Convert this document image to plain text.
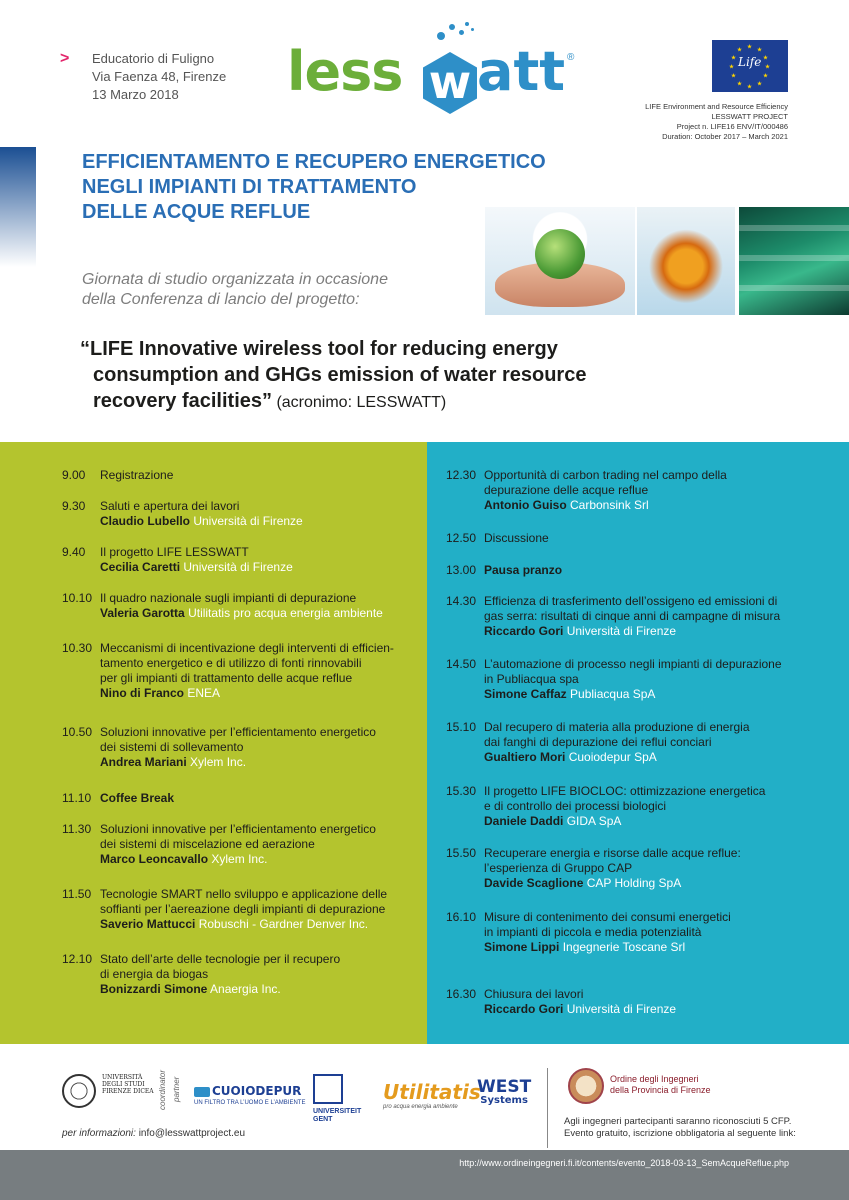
> Educatorio di Fuligno
Via Faenza 48, Firenze
13 Marzo 2018	less w att ®	Life
LIFE Environment and Resource Efficiency
LESSWATT PROJECT
Project n. LIFE16 ENV/IT/000486
Duration: October 2017 – March 2021
EFFICIENTAMENTO E RECUPERO ENERGETICO
NEGLI IMPIANTI DI TRATTAMENTO
DELLE ACQUE REFLUE
Giornata di studio organizzata in occasione
della Conferenza di lancio del progetto:
“LIFE Innovative wireless tool for reducing energy
consumption and GHGs emission of water resource
recovery facilities” (acronimo: LESSWATT)
9.00	Registrazione
9.30	Saluti e apertura dei lavori
Claudio Lubello Università di Firenze
9.40	Il progetto LIFE LESSWATT
Cecilia Caretti Università di Firenze
10.10 Il quadro nazionale sugli impianti di depurazione
Valeria Garotta Utilitatis pro acqua energia ambiente
10.30 Meccanismi di incentivazione degli interventi di efficien-
tamento energetico e di utilizzo di fonti rinnovabili
per gli impianti di trattamento delle acque reflue
Nino di Franco ENEA
10.50 Soluzioni innovative per l’efficientamento energetico
dei sistemi di sollevamento
Andrea Mariani Xylem Inc.
11.10 Coffee Break
11.30 Soluzioni innovative per l’efficientamento energetico
dei sistemi di miscelazione ed aerazione
Marco Leoncavallo Xylem Inc.
11.50 Tecnologie SMART nello sviluppo e applicazione delle
soffianti per l’aereazione degli impianti di depurazione
Saverio Mattucci Robuschi - Gardner Denver Inc.
12.10 Stato dell’arte delle tecnologie per il recupero
di energia da biogas
Bonizzardi Simone Anaergia Inc.
12.30 Opportunità di carbon trading nel campo della
depurazione delle acque reflue
Antonio Guiso Carbonsink Srl
12.50 Discussione
13.00 Pausa pranzo
14.30 Efficienza di trasferimento dell’ossigeno ed emissioni di
gas serra: risultati di cinque anni di campagne di misura
Riccardo Gori Università di Firenze
14.50 L’automazione di processo negli impianti di depurazione
in Publiacqua spa
Simone Caffaz Publiacqua SpA
15.10 Dal recupero di materia alla produzione di energia
dai fanghi di depurazione dei reflui conciari
Gualtiero Mori Cuoiodepur SpA
15.30 Il progetto LIFE BIOCLOC: ottimizzazione energetica
e di controllo dei processi biologici
Daniele Daddi GIDA SpA
15.50 Recuperare energia e risorse dalle acque reflue:
l’esperienza di Gruppo CAP
Davide Scaglione CAP Holding SpA
16.10 Misure di contenimento dei consumi energetici
in impianti di piccola e media potenzialità
Simone Lippi Ingegnerie Toscane Srl
16.30 Chiusura dei lavori
Riccardo Gori Università di Firenze
UNIVERSITÀ DEGLI STUDI FIRENZE DICEA coordinator partner	CUOIODEPUR
UN FILTRO TRA L’UOMO E L’AMBIENTE
UNIVERSITEIT
GENT
Utilitatis
pro acqua energia ambiente
WEST
Systems
Ordine degli Ingegneri
della Provincia di Firenze
Agli ingegneri partecipanti saranno riconosciuti 5 CFP.
Evento gratuito, iscrizione obbligatoria al seguente link:
per informazioni: info@lesswattproject.eu
http://www.ordineingegneri.fi.it/contents/evento_2018-03-13_SemAcqueReflue.php
